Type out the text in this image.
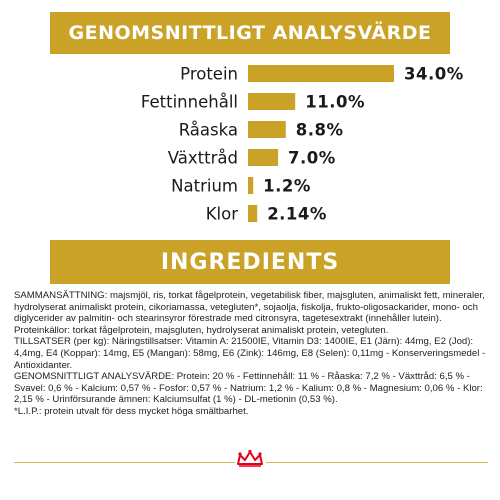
GENOMSNITTLIGT ANALYSVÄRDE
Protein	34.0%
Fettinnehåll	11.0%
Råaska	8.8%
Växttråd	7.0%
Natrium 1.2%
Klor 2.14%
INGREDIENTS

SAMMANSÄTTNING: majsmjöl, ris, torkat fågelprotein, vegetabilisk fiber, majsgluten, animaliskt fett, mineraler, hydrolyserat animaliskt protein, cikoriamassa, vetegluten*, sojaolja, fiskolja, frukto-oligosackarider, mono- och diglycerider av palmitin- och stearinsyror förestrade med citronsyra, tagetesextrakt (innehåller lutein). Proteinkällor: torkat fågelprotein, majsgluten, hydrolyserat animaliskt protein, vetegluten.

TILLSATSER (per kg): Näringstillsatser: Vitamin A: 21500IE, Vitamin D3: 1400IE, E1 (Järn): 44mg, E2 (Jod): 4,4mg, E4 (Koppar): 14mg, E5 (Mangan): 58mg, E6 (Zink): 146mg, E8 (Selen): 0,11mg - Konserveringsmedel - Antioxidanter.

GENOMSNITTLIGT ANALYSVÄRDE: Protein: 20 % - Fettinnehåll: 11 % - Råaska: 7,2 % - Växttråd: 6,5 % - Svavel: 0,6 % - Kalcium: 0,57 % - Fosfor: 0,57 % - Natrium: 1,2 % - Kalium: 0,8 % - Magnesium: 0,06 % - Klor: 2,15 % - Urinförsurande ämnen: Kalciumsulfat (1 %) - DL-metionin (0,53 %).

*L.I.P.: protein utvalt för dess mycket höga smältbarhet.
